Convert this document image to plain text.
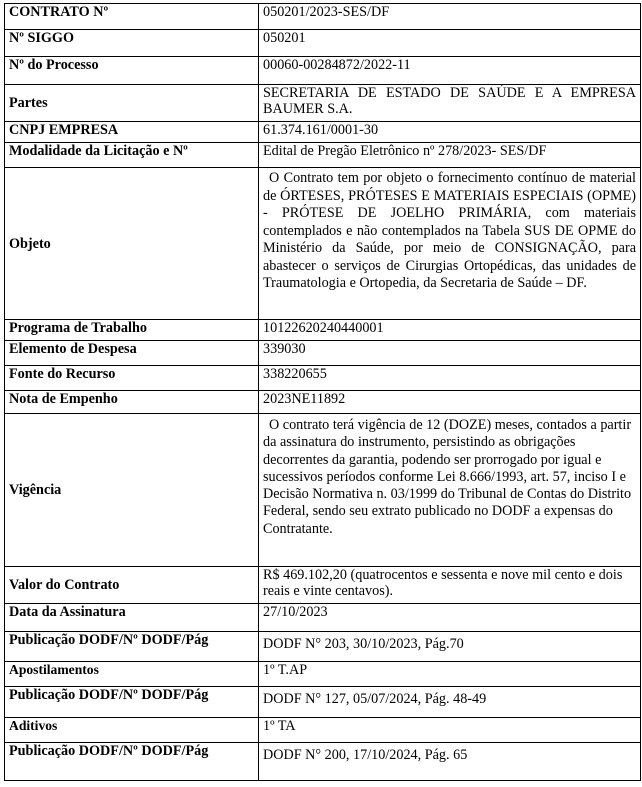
CONTRATO Nº	050201/2023-SES/DF
Nº SIGGO	050201
Nº do Processo	00060-00284872/2022-11
Partes	SECRETARIA DE ESTADO DE SAÚDE E A EMPRESA BAUMER S.A.
CNPJ EMPRESA	61.374.161/0001-30
Modalidade da Licitação e Nº	Edital de Pregão Eletrônico nº 278/2023- SES/DF
Objeto	O Contrato tem por objeto o fornecimento contínuo de material de ÓRTESES, PRÓTESES E MATERIAIS ESPECIAIS (OPME) - PRÓTESE DE JOELHO PRIMÁRIA, com materiais contemplados e não contemplados na Tabela SUS DE OPME do Ministério da Saúde, por meio de CONSIGNAÇÃO, para abastecer o serviços de Cirurgias Ortopédicas, das unidades de Traumatologia e Ortopedia, da Secretaria de Saúde – DF.
Programa de Trabalho	10122620240440001
Elemento de Despesa	339030
Fonte do Recurso	338220655
Nota de Empenho	2023NE11892
Vigência	O contrato terá vigência de 12 (DOZE) meses, contados a partir da assinatura do instrumento, persistindo as obrigações decorrentes da garantia, podendo ser prorrogado por igual e sucessivos períodos conforme Lei 8.666/1993, art. 57, inciso I e Decisão Normativa n. 03/1999 do Tribunal de Contas do Distrito Federal, sendo seu extrato publicado no DODF a expensas do Contratante.
Valor do Contrato	R$ 469.102,20 (quatrocentos e sessenta e nove mil cento e dois reais e vinte centavos).
Data da Assinatura	27/10/2023
Publicação DODF/Nº DODF/Pág	DODF N° 203, 30/10/2023, Pág.70
Apostilamentos	1º T.AP
Publicação DODF/Nº DODF/Pág	DODF N° 127, 05/07/2024, Pág. 48-49
Aditivos	1º TA
Publicação DODF/Nº DODF/Pág	DODF N° 200, 17/10/2024, Pág. 65
